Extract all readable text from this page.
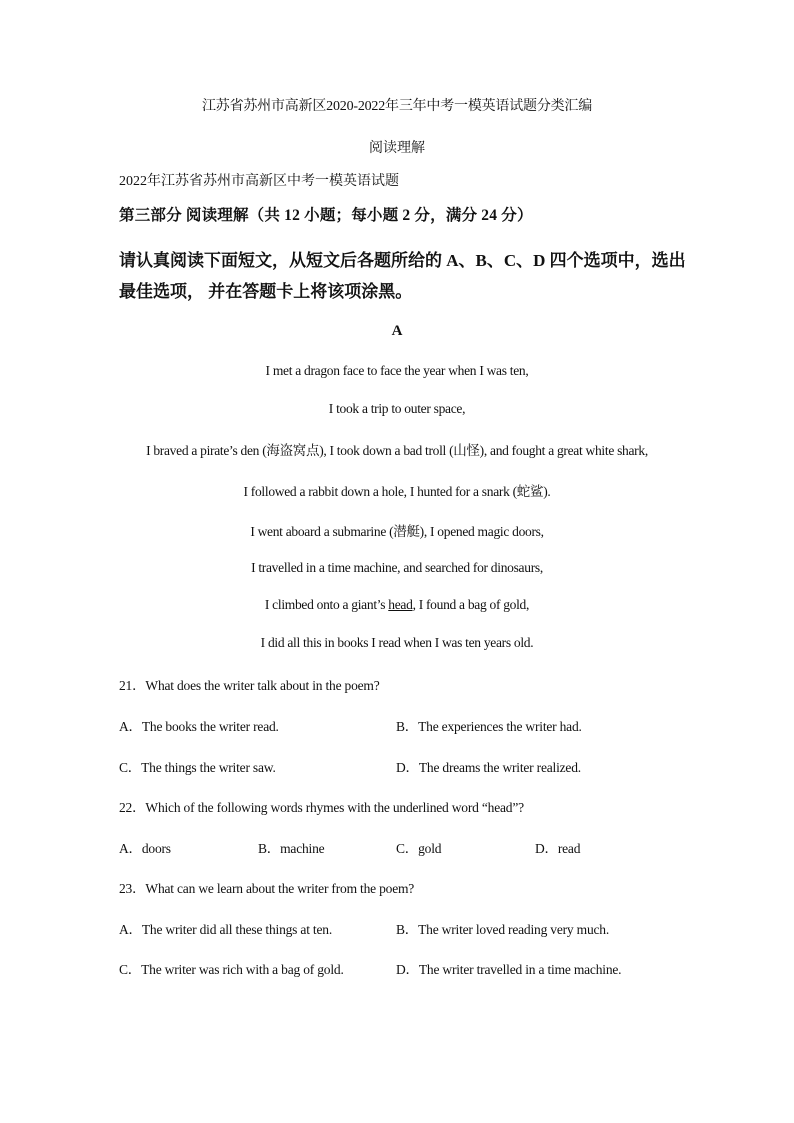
江苏省苏州市高新区2020-2022年三年中考一模英语试题分类汇编
阅读理解
2022年江苏省苏州市高新区中考一模英语试题
第三部分 阅读理解（共 12 小题；每小题 2 分，满分 24 分）
请认真阅读下面短文，从短文后各题所给的 A、B、C、D 四个选项中，选出最佳选项， 并在答题卡上将该项涂黑。
A
I met a dragon face to face the year when I was ten,
I took a trip to outer space,
I braved a pirate’s den (海盗窝点), I took down a bad troll (山怪), and fought a great white shark,
I followed a rabbit down a hole, I hunted for a snark (蛇鲨).
I went aboard a submarine (潜艇), I opened magic doors,
I travelled in a time machine, and searched for dinosaurs,
I climbed onto a giant’s head, I found a bag of gold,
I did all this in books I read when I was ten years old.
21．What does the writer talk about in the poem?
A．The books the writer read.	B．The experiences the writer had.
C．The things the writer saw.	D．The dreams the writer realized.
22．Which of the following words rhymes with the underlined word “head”?
A．doors	B．machine	C．gold	D．read
23．What can we learn about the writer from the poem?
A．The writer did all these things at ten.	B．The writer loved reading very much.
C．The writer was rich with a bag of gold.	D．The writer travelled in a time machine.
